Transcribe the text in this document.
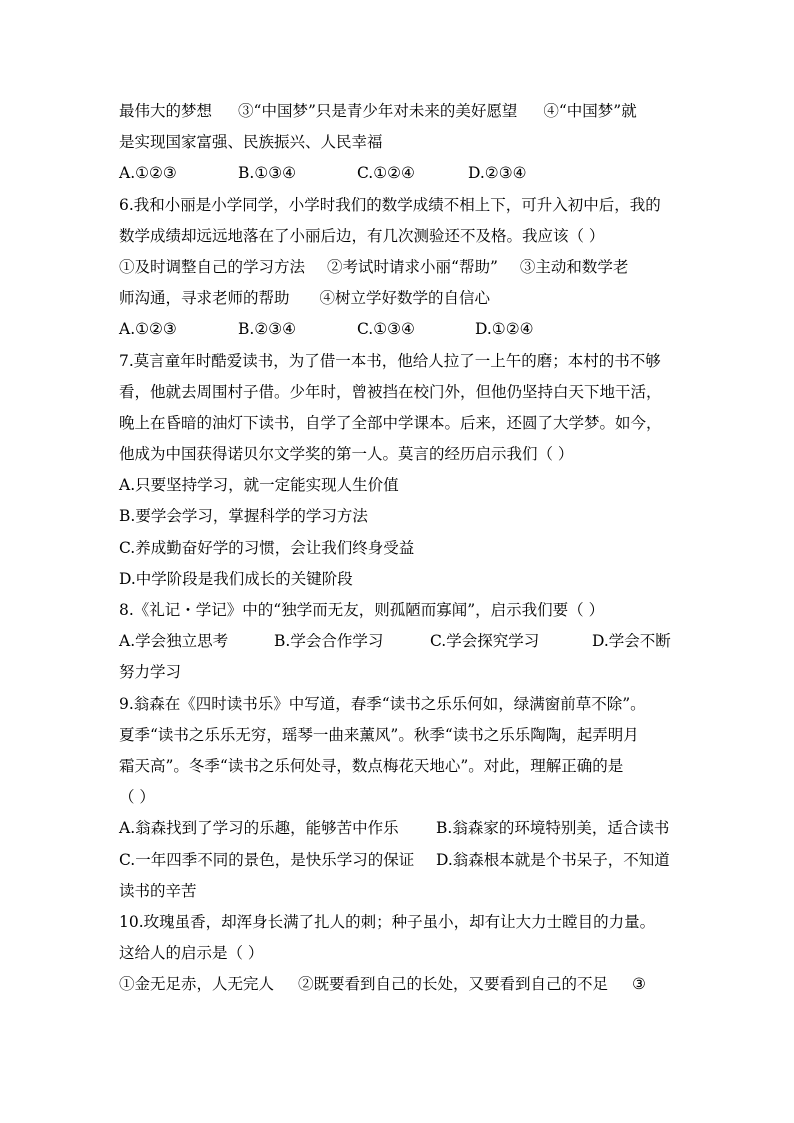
最伟大的梦想 ③“中国梦”只是青少年对未来的美好愿望 ④“中国梦”就
是实现国家富强、民族振兴、人民幸福
A.①②③	B.①③④	C.①②④	D.②③④
6.我和小丽是小学同学，小学时我们的数学成绩不相上下，可升入初中后，我的
数学成绩却远远地落在了小丽后边，有几次测验还不及格。我应该（ ）
①及时调整自己的学习方法 ②考试时请求小丽“帮助” ③主动和数学老
师沟通，寻求老师的帮助 ④树立学好数学的自信心
A.①②③	B.②③④	C.①③④	D.①②④
7.莫言童年时酷爱读书，为了借一本书，他给人拉了一上午的磨；本村的书不够
看，他就去周围村子借。少年时，曾被挡在校门外，但他仍坚持白天下地干活，
晚上在昏暗的油灯下读书，自学了全部中学课本。后来，还圆了大学梦。如今，
他成为中国获得诺贝尔文学奖的第一人。莫言的经历启示我们（ ）
A.只要坚持学习，就一定能实现人生价值
B.要学会学习，掌握科学的学习方法
C.养成勤奋好学的习惯，会让我们终身受益
D.中学阶段是我们成长的关键阶段
8.《礼记・学记》中的“独学而无友，则孤陋而寡闻”，启示我们要（ ）
A.学会独立思考	B.学会合作学习	C.学会探究学习	D.学会不断
努力学习
9.翁森在《四时读书乐》中写道，春季“读书之乐乐何如，绿满窗前草不除”。
夏季“读书之乐乐无穷，瑶琴一曲来薰风”。秋季“读书之乐乐陶陶，起弄明月
霜天高”。冬季“读书之乐何处寻，数点梅花天地心”。对此，理解正确的是
（ ）
A.翁森找到了学习的乐趣，能够苦中作乐 B.翁森家的环境特别美，适合读书
C.一年四季不同的景色，是快乐学习的保证 D.翁森根本就是个书呆子，不知道
读书的辛苦
10.玫瑰虽香，却浑身长满了扎人的刺；种子虽小，却有让大力士瞠目的力量。
这给人的启示是（ ）
①金无足赤，人无完人 ②既要看到自己的长处，又要看到自己的不足 ③
